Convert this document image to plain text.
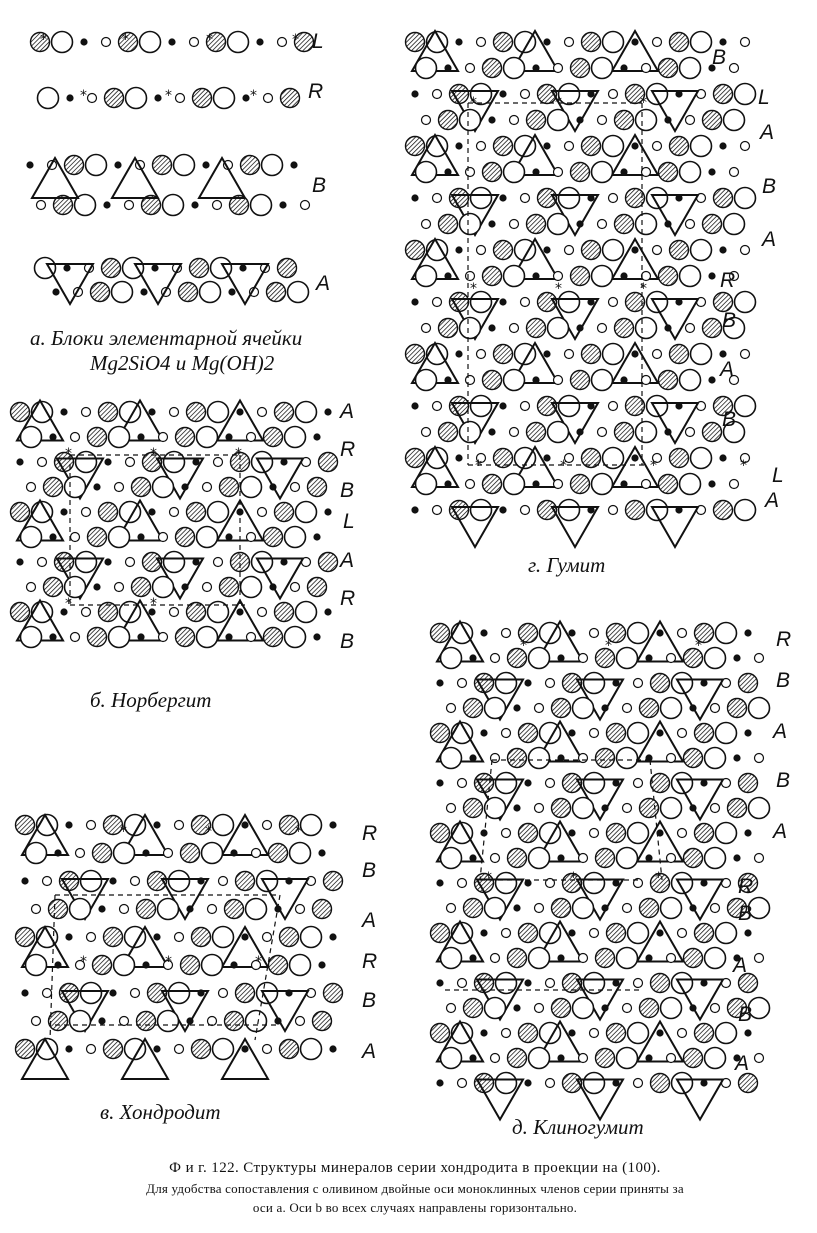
*	*	*	*
*	*	*
*	*	*
*	*
*	*	*
*	*	*
*	*	*
*	*	*
*	*	*	*
*	*	*
*	*	*
L
R
B
A
A
R
B
L
A
R
B
R
B
A
R
B
A
B
L
A
B
A
R
B
A
B
L
A
R
B
A
B
A
R
B
A
B
A
а. Блоки элементарной ячейки
Mg2SiO4 и Mg(OH)2
б. Норбергит
в. Хондродит
г. Гумит
д. Клиногумит
Ф и г. 122. Структуры минералов серии хондродита в проекции на (100).
Для удобства сопоставления с оливином двойные оси моноклинных членов серии приняты за
оси a. Оси b во всех случаях направлены горизонтально.
